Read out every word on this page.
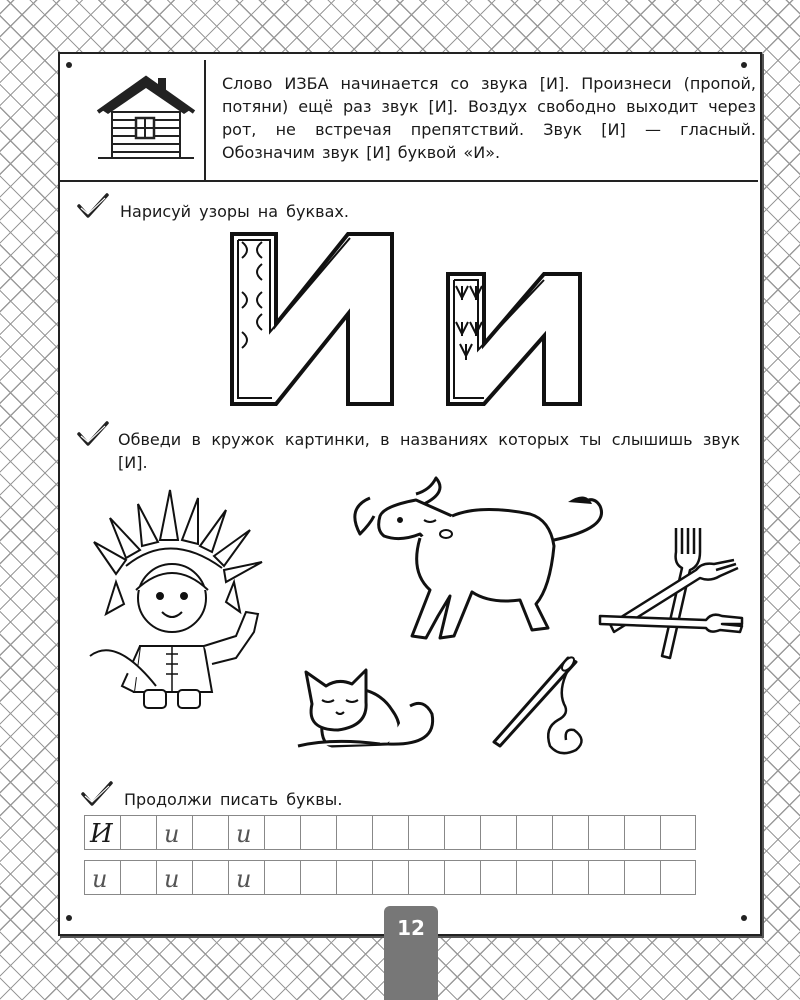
Слово ИЗБА начинается со звука [И]. Произнеси (пропой, потяни) ещё раз звук [И]. Воздух свободно выходит через рот, не встречая препятствий. Звук [И] — гласный. Обозначим звук [И] буквой «И».
Нарисуй узоры на буквах.
Обведи в кружок картинки, в названиях которых ты слышишь звук [И].
Продолжи писать буквы.
И и и
и и и
12
